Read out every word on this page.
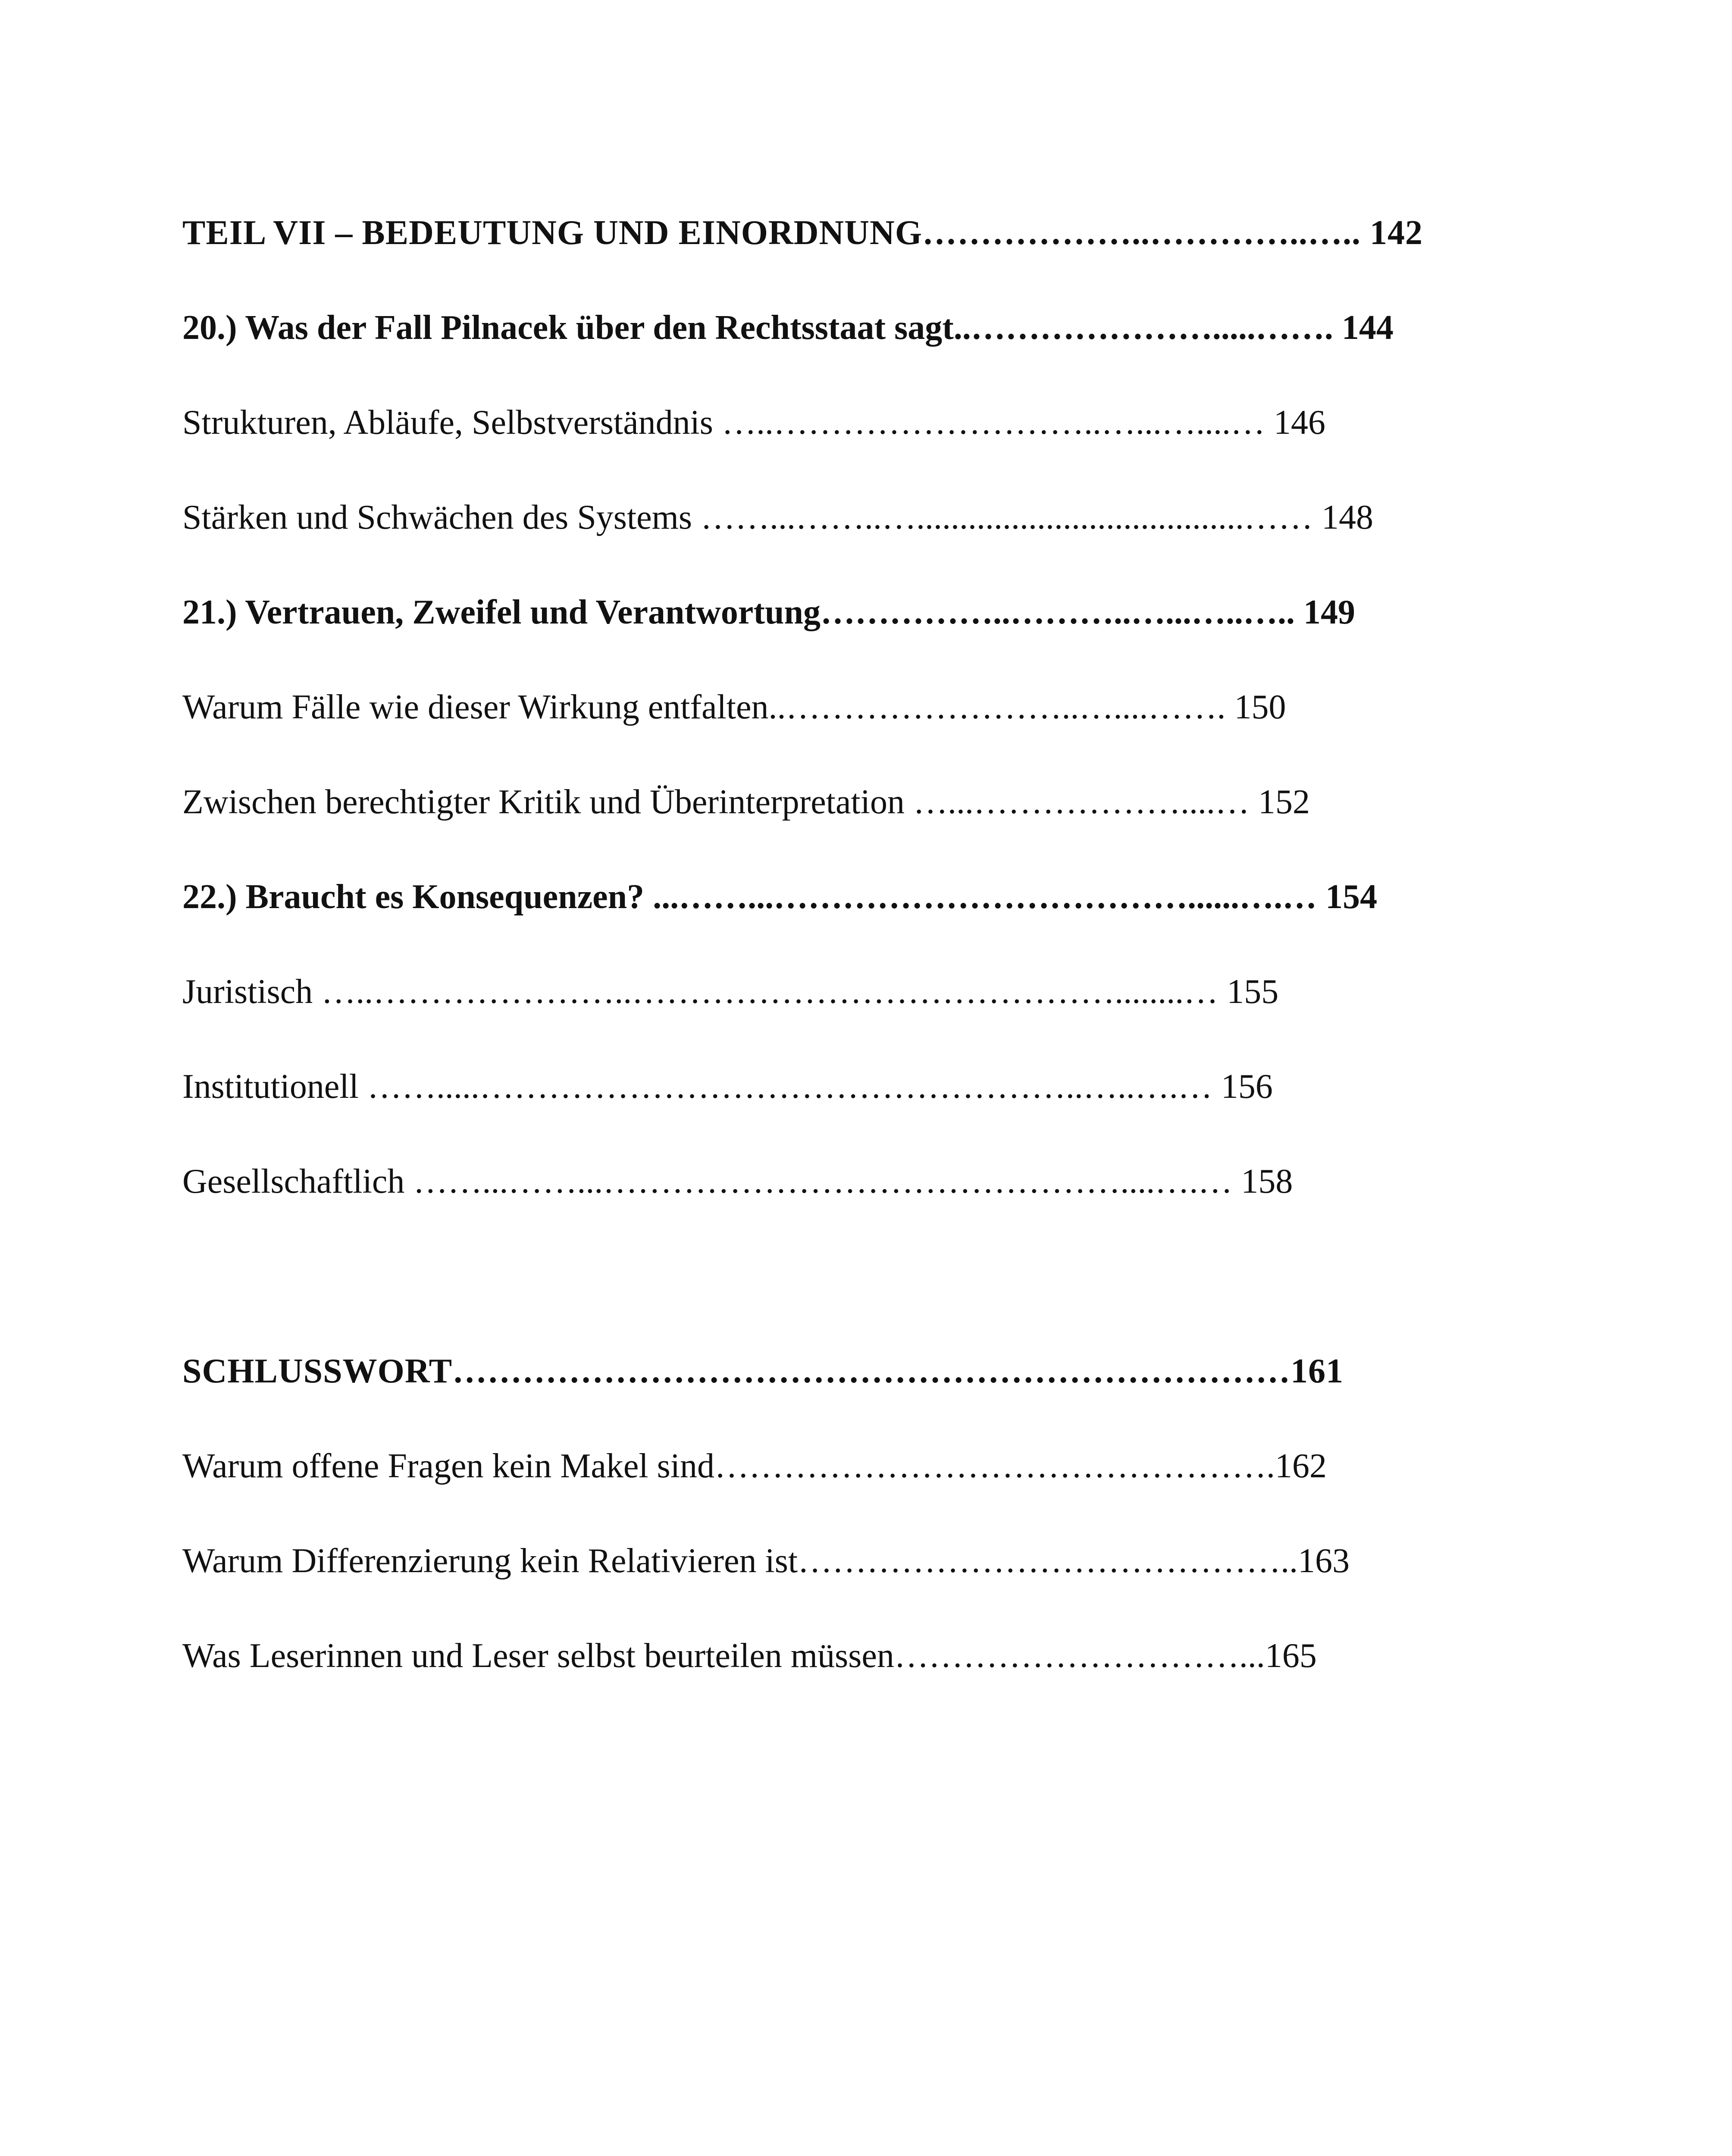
TEIL VII – BEDEUTUNG UND EINORDNUNG………………..…………..….. 142
20.) Was der Fall Pilnacek über den Rechtsstaat sagt..………………….....……. 144
Strukturen, Abläufe, Selbstverständnis …..………………………..…...…....… 146
Stärken und Schwächen des Systems ……...……..…......................................…… 148
21.) Vertrauen, Zweifel und Verantwortung……………..………..…...…..….. 149
Warum Fälle wie dieser Wirkung entfalten..……………………..…....……. 150
Zwischen berechtigter Kritik und Überinterpretation …...………………....… 152
22.) Braucht es Konsequenzen? ...……...………………………………......….… 154
Juristisch …..…………………..……………………………………........… 155
Institutionell …….....……………………………………………..…..….… 156
Gesellschaftlich ……...……...………………………………………....….… 158
SCHLUSSWORT………………………………………………………………161
Warum offene Fragen kein Makel sind………………………………………….162
Warum Differenzierung kein Relativieren ist……………………………………..163
Was Leserinnen und Leser selbst beurteilen müssen…………………………...165
